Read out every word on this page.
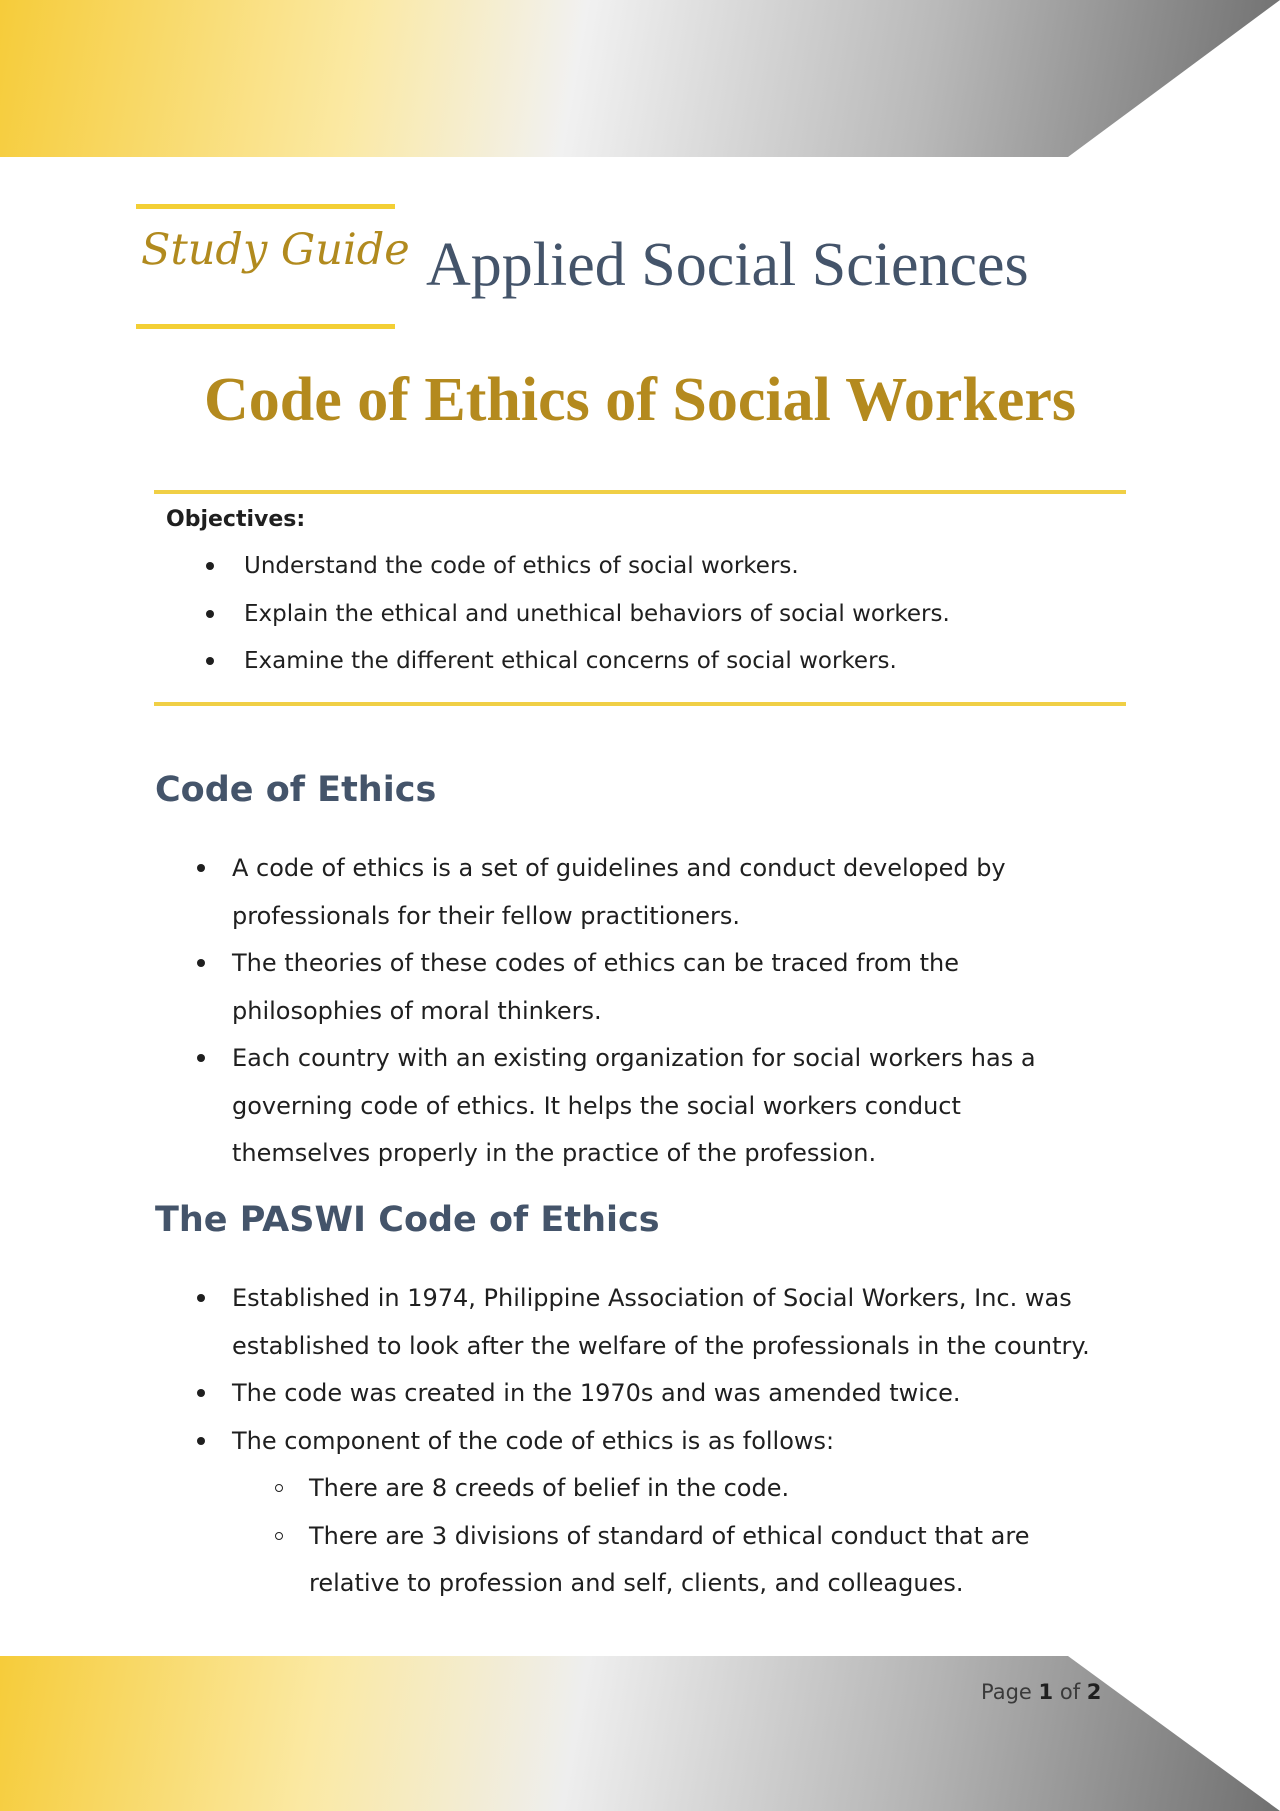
Study Guide Applied Social Sciences
Code of Ethics of Social Workers
Objectives:
Understand the code of ethics of social workers.
Explain the ethical and unethical behaviors of social workers.
Examine the different ethical concerns of social workers.
Code of Ethics
A code of ethics is a set of guidelines and conduct developed by
professionals for their fellow practitioners.
The theories of these codes of ethics can be traced from the
philosophies of moral thinkers.
Each country with an existing organization for social workers has a
governing code of ethics. It helps the social workers conduct
themselves properly in the practice of the profession.
The PASWI Code of Ethics
Established in 1974, Philippine Association of Social Workers, Inc. was
established to look after the welfare of the professionals in the country.
The code was created in the 1970s and was amended twice.
The component of the code of ethics is as follows:
There are 8 creeds of belief in the code.
There are 3 divisions of standard of ethical conduct that are
relative to profession and self, clients, and colleagues.
Page 1 of 2
